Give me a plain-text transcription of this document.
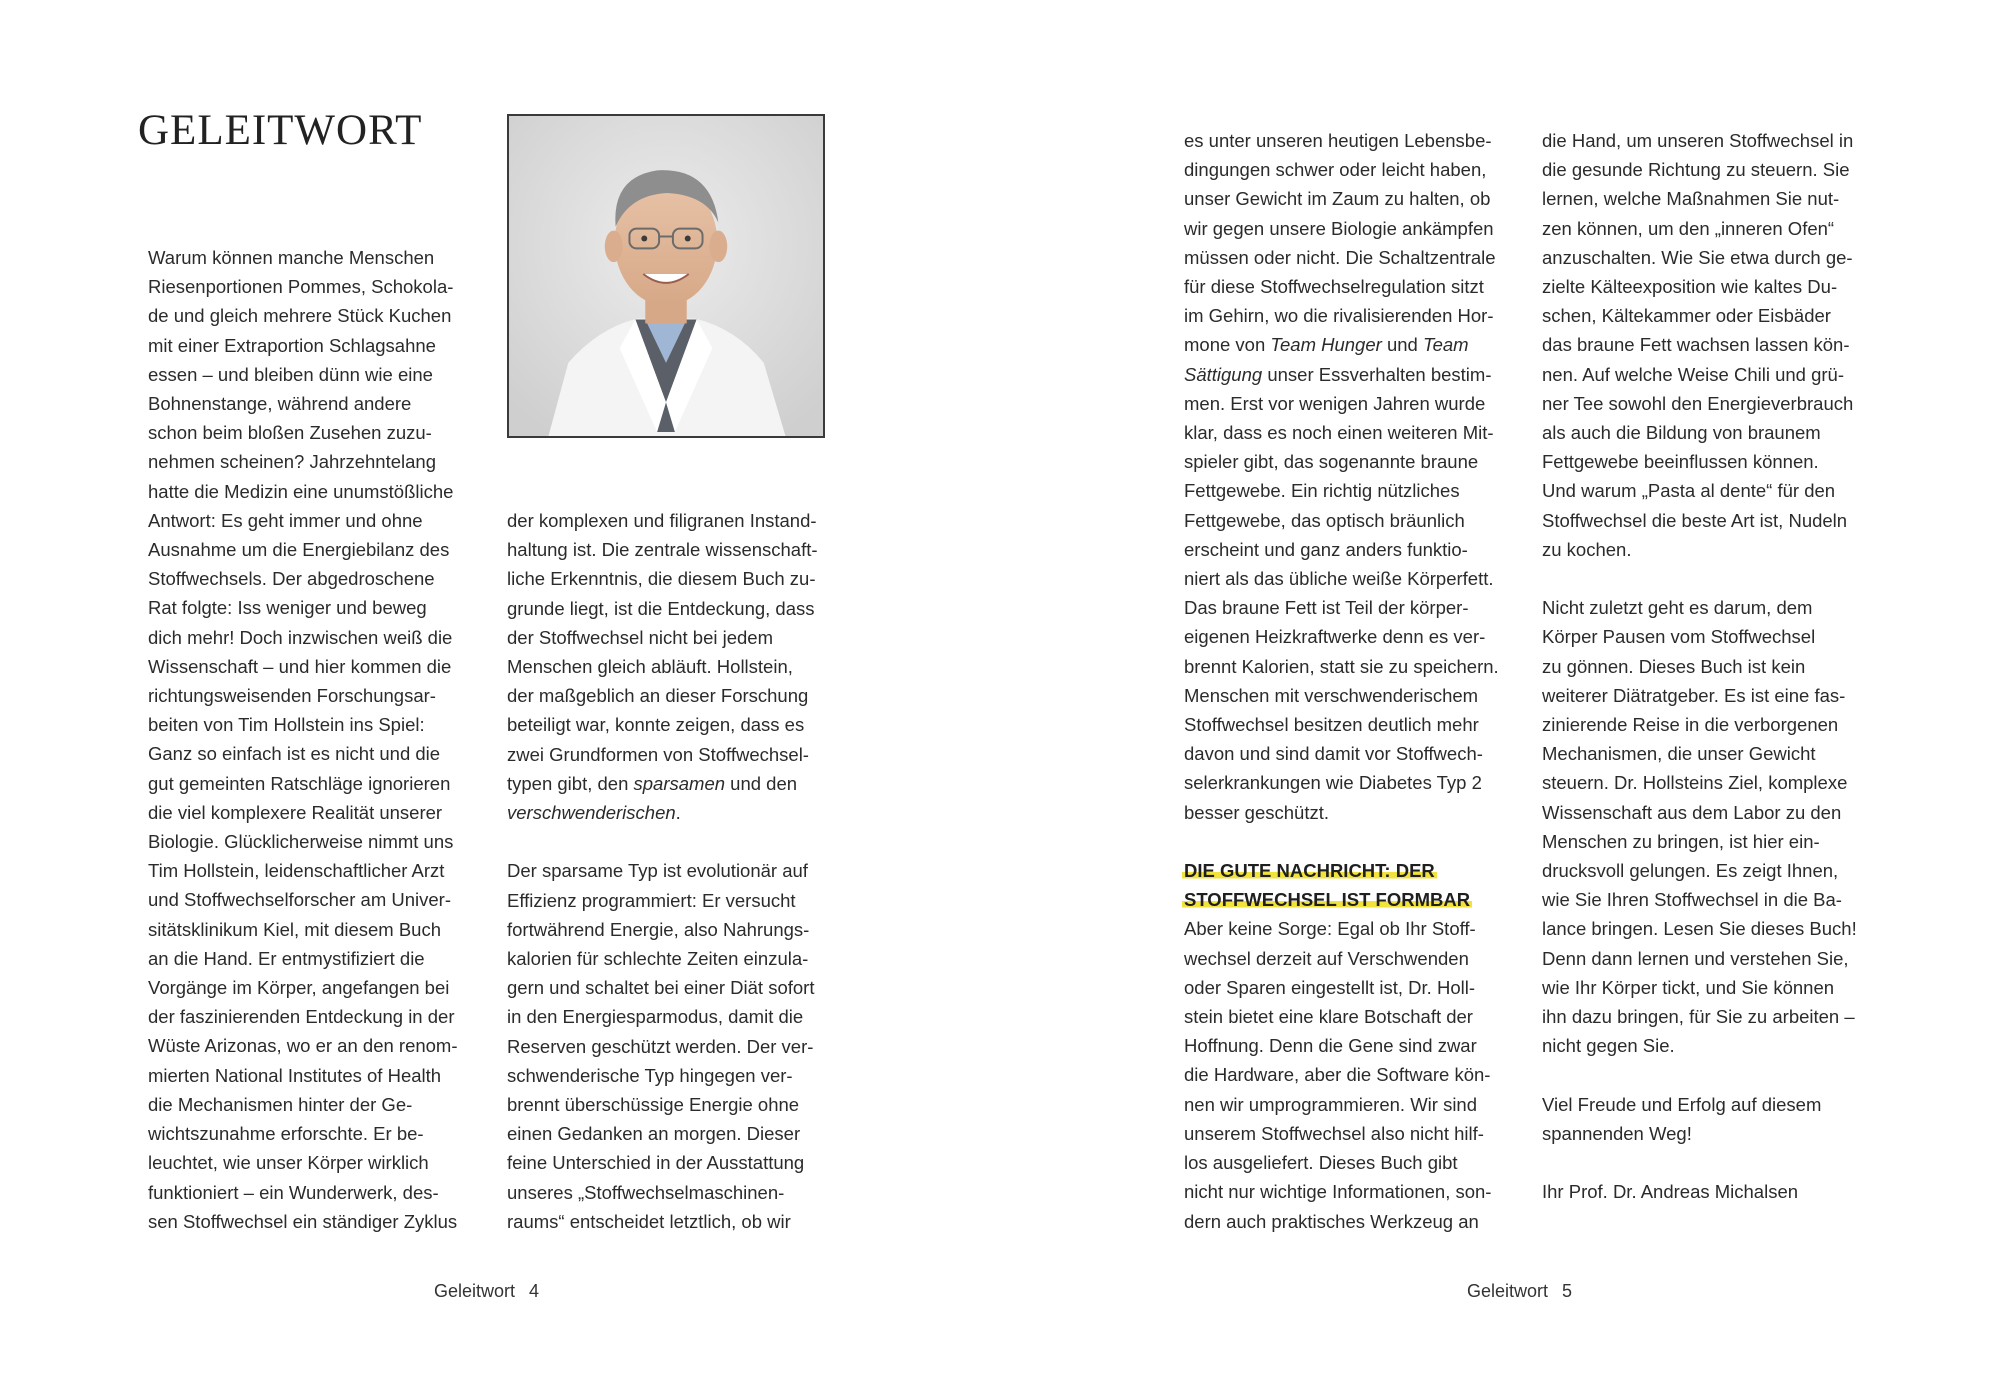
GELEITWORT

Warum können manche Menschen
Riesenportionen Pommes, Schokola-
de und gleich mehrere Stück Kuchen
mit einer Extraportion Schlagsahne
essen – und bleiben dünn wie eine
Bohnenstange, während andere
schon beim bloßen Zusehen zuzu-
nehmen scheinen? Jahrzehntelang
hatte die Medizin eine unumstößliche
Antwort: Es geht immer und ohne
Ausnahme um die Energiebilanz des
Stoffwechsels. Der abgedroschene
Rat folgte: Iss weniger und beweg
dich mehr! Doch inzwischen weiß die
Wissenschaft – und hier kommen die
richtungsweisenden Forschungsar-
beiten von Tim Hollstein ins Spiel:
Ganz so einfach ist es nicht und die
gut gemeinten Ratschläge ignorieren
die viel komplexere Realität unserer
Biologie. Glücklicherweise nimmt uns
Tim Hollstein, leidenschaftlicher Arzt
und Stoffwechselforscher am Univer-
sitätsklinikum Kiel, mit diesem Buch
an die Hand. Er entmystifiziert die
Vorgänge im Körper, angefangen bei
der faszinierenden Entdeckung in der
Wüste Arizonas, wo er an den renom-
mierten National Institutes of Health
die Mechanismen hinter der Ge-
wichtszunahme erforschte. Er be-
leuchtet, wie unser Körper wirklich
funktioniert – ein Wunderwerk, des-
sen Stoffwechsel ein ständiger Zyklus

der komplexen und filigranen Instand-
haltung ist. Die zentrale wissenschaft-
liche Erkenntnis, die diesem Buch zu-
grunde liegt, ist die Entdeckung, dass
der Stoffwechsel nicht bei jedem
Menschen gleich abläuft. Hollstein,
der maßgeblich an dieser Forschung
beteiligt war, konnte zeigen, dass es
zwei Grundformen von Stoffwechsel-
typen gibt, den sparsamen und den
verschwenderischen.

Der sparsame Typ ist evolutionär auf
Effizienz programmiert: Er versucht
fortwährend Energie, also Nahrungs-
kalorien für schlechte Zeiten einzula-
gern und schaltet bei einer Diät sofort
in den Energiesparmodus, damit die
Reserven geschützt werden. Der ver-
schwenderische Typ hingegen ver-
brennt überschüssige Energie ohne
einen Gedanken an morgen. Dieser
feine Unterschied in der Ausstattung
unseres „Stoffwechselmaschinen-
raums“ entscheidet letztlich, ob wir

es unter unseren heutigen Lebensbe-
dingungen schwer oder leicht haben,
unser Gewicht im Zaum zu halten, ob
wir gegen unsere Biologie ankämpfen
müssen oder nicht. Die Schaltzentrale
für diese Stoffwechselregulation sitzt
im Gehirn, wo die rivalisierenden Hor-
mone von Team Hunger und Team
Sättigung unser Essverhalten bestim-
men. Erst vor wenigen Jahren wurde
klar, dass es noch einen weiteren Mit-
spieler gibt, das sogenannte braune
Fettgewebe. Ein richtig nützliches
Fettgewebe, das optisch bräunlich
erscheint und ganz anders funktio-
niert als das übliche weiße Körperfett.
Das braune Fett ist Teil der körper-
eigenen Heizkraftwerke denn es ver-
brennt Kalorien, statt sie zu speichern.
Menschen mit verschwenderischem
Stoffwechsel besitzen deutlich mehr
davon und sind damit vor Stoffwech-
selerkrankungen wie Diabetes Typ 2
besser geschützt.

DIE GUTE NACHRICHT: DER
STOFFWECHSEL IST FORMBAR

Aber keine Sorge: Egal ob Ihr Stoff-
wechsel derzeit auf Verschwenden
oder Sparen eingestellt ist, Dr. Holl-
stein bietet eine klare Botschaft der
Hoffnung. Denn die Gene sind zwar
die Hardware, aber die Software kön-
nen wir umprogrammieren. Wir sind
unserem Stoffwechsel also nicht hilf-
los ausgeliefert. Dieses Buch gibt
nicht nur wichtige Informationen, son-
dern auch praktisches Werkzeug an

die Hand, um unseren Stoffwechsel in
die gesunde Richtung zu steuern. Sie
lernen, welche Maßnahmen Sie nut-
zen können, um den „inneren Ofen“
anzuschalten. Wie Sie etwa durch ge-
zielte Kälteexposition wie kaltes Du-
schen, Kältekammer oder Eisbäder
das braune Fett wachsen lassen kön-
nen. Auf welche Weise Chili und grü-
ner Tee sowohl den Energieverbrauch
als auch die Bildung von braunem
Fettgewebe beeinflussen können.
Und warum „Pasta al dente“ für den
Stoffwechsel die beste Art ist, Nudeln
zu kochen.

Nicht zuletzt geht es darum, dem
Körper Pausen vom Stoffwechsel
zu gönnen. Dieses Buch ist kein
weiterer Diätratgeber. Es ist eine fas-
zinierende Reise in die verborgenen
Mechanismen, die unser Gewicht
steuern. Dr. Hollsteins Ziel, komplexe
Wissenschaft aus dem Labor zu den
Menschen zu bringen, ist hier ein-
drucksvoll gelungen. Es zeigt Ihnen,
wie Sie Ihren Stoffwechsel in die Ba-
lance bringen. Lesen Sie dieses Buch!
Denn dann lernen und verstehen Sie,
wie Ihr Körper tickt, und Sie können
ihn dazu bringen, für Sie zu arbeiten –
nicht gegen Sie.

Viel Freude und Erfolg auf diesem
spannenden Weg!

Ihr Prof. Dr. Andreas Michalsen

Geleitwort 4	Geleitwort 5
